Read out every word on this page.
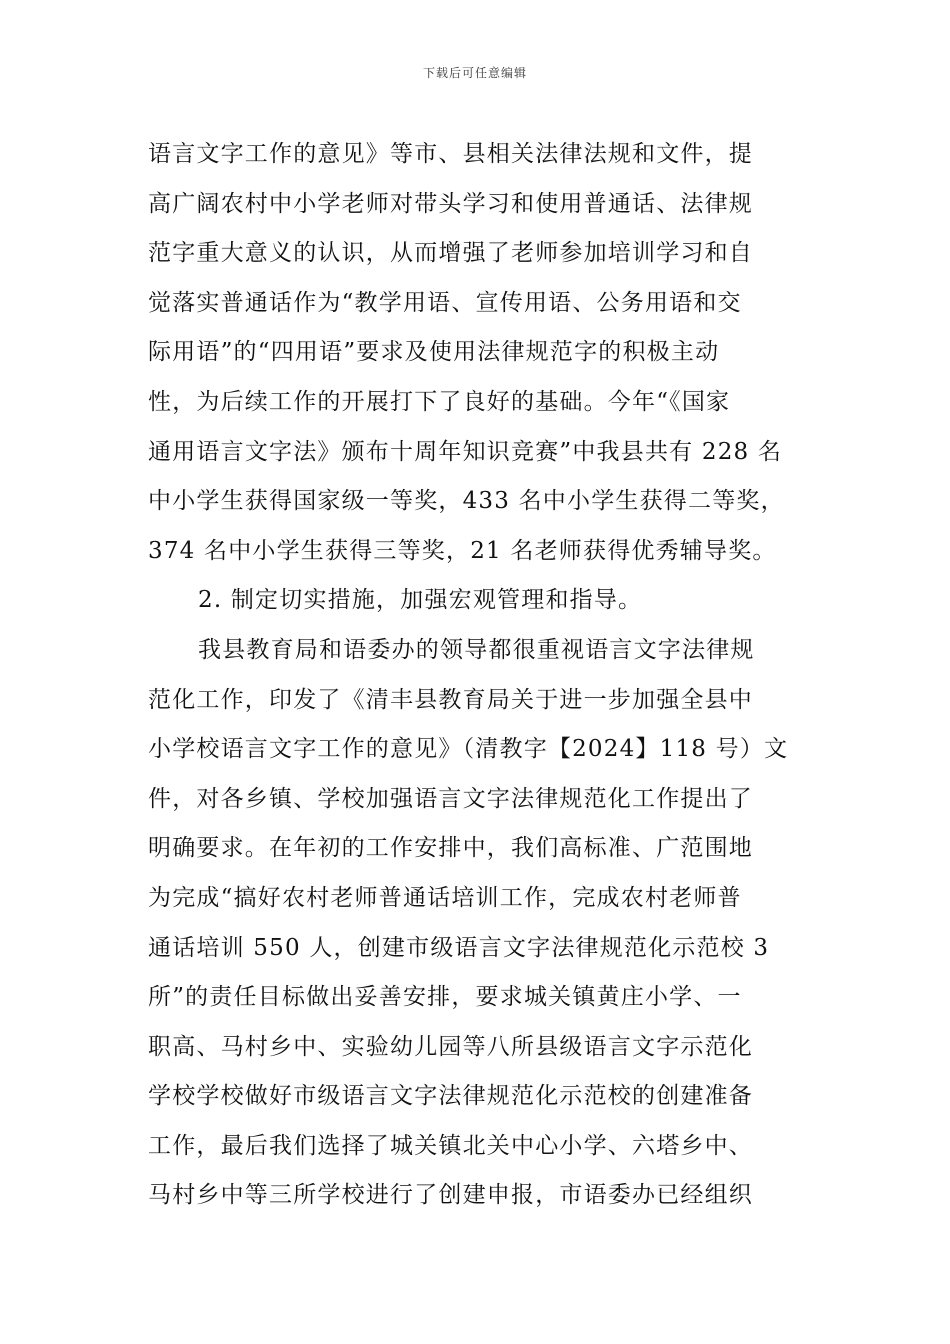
下载后可任意编辑
语言文字工作的意见》等市、县相关法律法规和文件，提
高广阔农村中小学老师对带头学习和使用普通话、法律规
范字重大意义的认识，从而增强了老师参加培训学习和自
觉落实普通话作为“教学用语、宣传用语、公务用语和交
际用语”的“四用语”要求及使用法律规范字的积极主动
性，为后续工作的开展打下了良好的基础。今年“《国家
通用语言文字法》颁布十周年知识竞赛”中我县共有 228 名
中小学生获得国家级一等奖，433 名中小学生获得二等奖，
374 名中小学生获得三等奖，21 名老师获得优秀辅导奖。
2. 制定切实措施，加强宏观管理和指导。
我县教育局和语委办的领导都很重视语言文字法律规
范化工作，印发了《清丰县教育局关于进一步加强全县中
小学校语言文字工作的意见》（清教字【2024】118 号）文
件，对各乡镇、学校加强语言文字法律规范化工作提出了
明确要求。在年初的工作安排中，我们高标准、广范围地
为完成“搞好农村老师普通话培训工作，完成农村老师普
通话培训 550 人，创建市级语言文字法律规范化示范校 3
所”的责任目标做出妥善安排，要求城关镇黄庄小学、一
职高、马村乡中、实验幼儿园等八所县级语言文字示范化
学校学校做好市级语言文字法律规范化示范校的创建准备
工作，最后我们选择了城关镇北关中心小学、六塔乡中、
马村乡中等三所学校进行了创建申报，市语委办已经组织
